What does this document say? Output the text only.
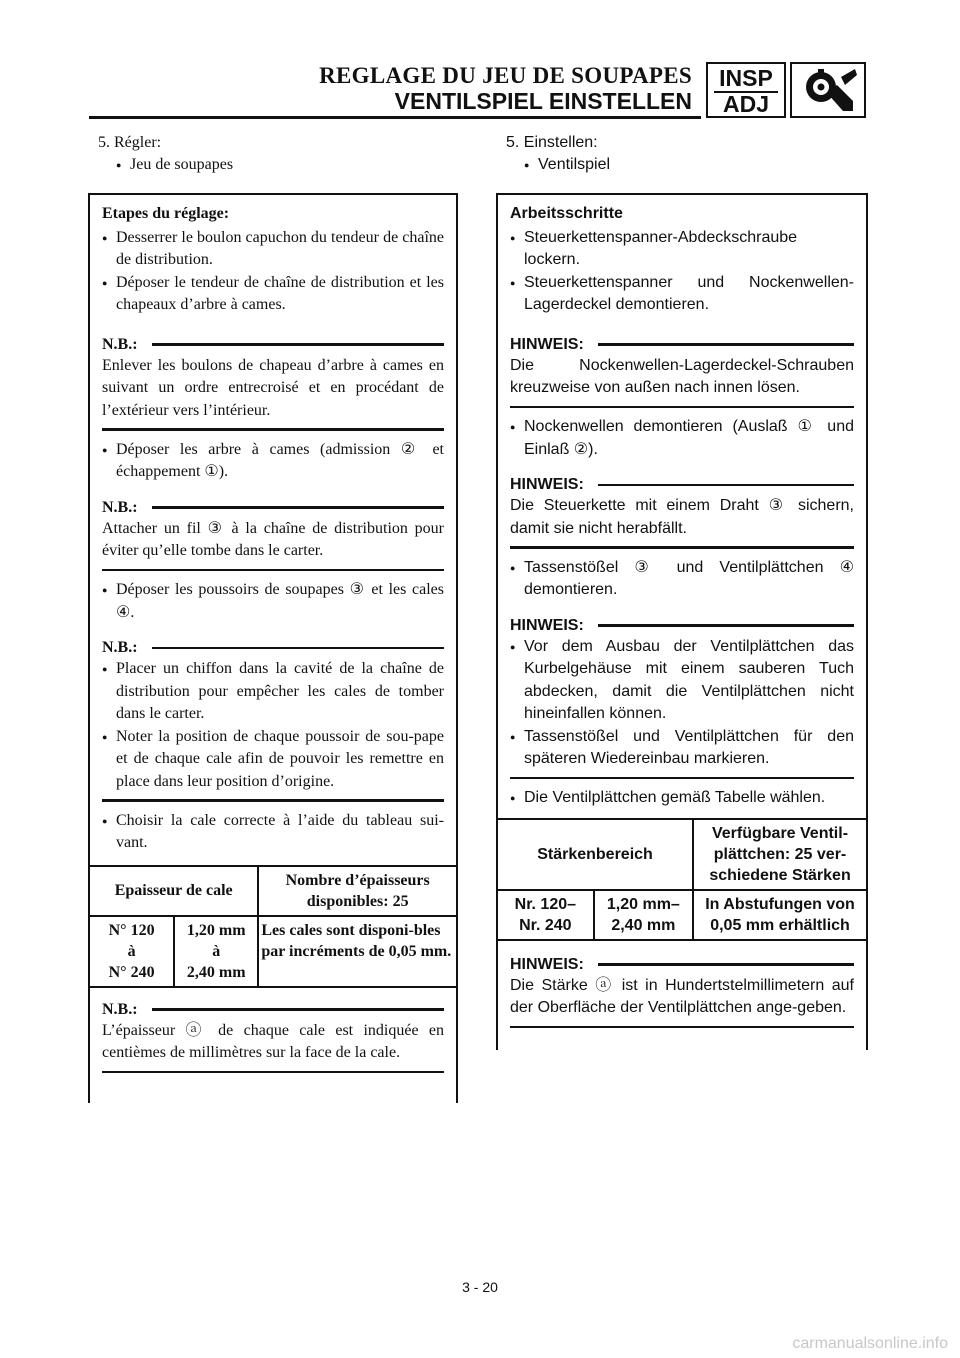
REGLAGE DU JEU DE SOUPAPES
VENTILSPIEL EINSTELLEN
INSP
ADJ
5. Régler:
● Jeu de soupapes
Etapes du réglage:
● Desserrer le boulon capuchon du tendeur de chaîne de distribution.
● Déposer le tendeur de chaîne de distribution et les chapeaux d’arbre à cames.
N.B.:
Enlever les boulons de chapeau d’arbre à cames en suivant un ordre entrecroisé et en procédant de l’extérieur vers l’intérieur.
● Déposer les arbre à cames (admission ② et échappement ①).
N.B.:
Attacher un fil ③ à la chaîne de distribution pour éviter qu’elle tombe dans le carter.
● Déposer les poussoirs de soupapes ③ et les cales ④.
N.B.:
● Placer un chiffon dans la cavité de la chaîne de distribution pour empêcher les cales de tomber dans le carter.
● Noter la position de chaque poussoir de sou-pape et de chaque cale afin de pouvoir les remettre en place dans leur position d’origine.
● Choisir la cale correcte à l’aide du tableau sui-vant.
Epaisseur de cale		Nombre d’épaisseurs disponibles: 25
N° 120
à
N° 240	1,20 mm
à
2,40 mm	Les cales sont disponi-bles par incréments de 0,05 mm.
N.B.:
L’épaisseur ⓐ de chaque cale est indiquée en centièmes de millimètres sur la face de la cale.
5. Einstellen:
● Ventilspiel
Arbeitsschritte
● Steuerkettenspanner-Abdeckschraube lockern.
● Steuerkettenspanner und Nockenwellen-Lagerdeckel demontieren.
HINWEIS:
Die Nockenwellen-Lagerdeckel-Schrauben kreuzweise von außen nach innen lösen.
● Nockenwellen demontieren (Auslaß ① und Einlaß ②).
HINWEIS:
Die Steuerkette mit einem Draht ③ sichern, damit sie nicht herabfällt.
● Tassenstößel ③ und Ventilplättchen ④ demontieren.
HINWEIS:
● Vor dem Ausbau der Ventilplättchen das Kurbelgehäuse mit einem sauberen Tuch abdecken, damit die Ventilplättchen nicht hineinfallen können.
● Tassenstößel und Ventilplättchen für den späteren Wiedereinbau markieren.
● Die Ventilplättchen gemäß Tabelle wählen.
Stärkenbereich		Verfügbare Ventil-plättchen: 25 ver-schiedene Stärken
Nr. 120–
Nr. 240	1,20 mm–
2,40 mm	In Abstufungen von 0,05 mm erhältlich
HINWEIS:
Die Stärke ⓐ ist in Hundertstelmillimetern auf der Oberfläche der Ventilplättchen ange-geben.
3 - 20
carmanualsonline.info
